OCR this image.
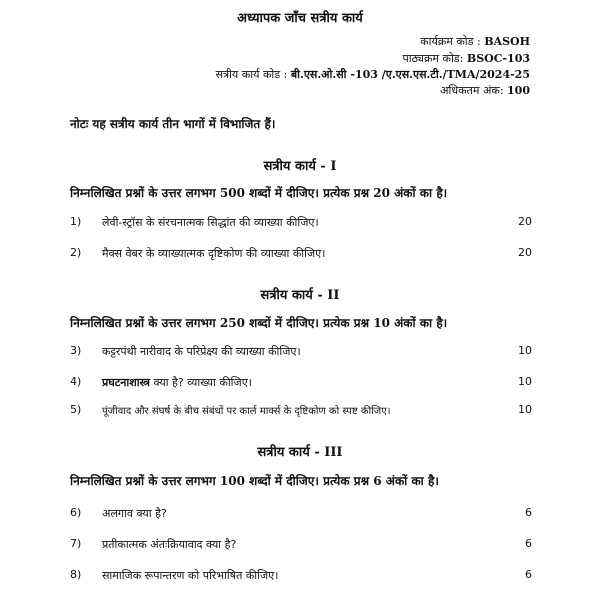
अध्यापक जाँच सत्रीय कार्य
कार्यक्रम कोड : BASOH
पाठ्यक्रम कोड: BSOC-103
सत्रीय कार्य कोड : बी.एस.ओ.सी -103 /ए.एस.एस.टी./TMA/2024-25
अधिकतम अंक: 100
नोटः यह सत्रीय कार्य तीन भागों में विभाजित हैं।
सत्रीय कार्य - I
निम्नलिखित प्रश्नों के उत्तर लगभग 500 शब्दों में दीजिए। प्रत्येक प्रश्न 20 अंकों का है।
1) लेवी-स्ट्रॉस के संरचनात्मक सिद्धांत की व्याख्या कीजिए।	20
2) मैक्स वेबर के व्याख्यात्मक दृष्टिकोण की व्याख्या कीजिए।	20
सत्रीय कार्य - II
निम्नलिखित प्रश्नों के उत्तर लगभग 250 शब्दों में दीजिए। प्रत्येक प्रश्न 10 अंकों का है।
3) कट्टरपंथी नारीवाद के परिप्रेक्ष्य की व्याख्या कीजिए।	10
4) प्रघटनाशास्त्र क्या है? व्याख्या कीजिए।	10
5) पूंजीवाद और संघर्ष के बीच संबंधों पर कार्ल मार्क्स के दृष्टिकोण को स्पष्ट कीजिए।	10
सत्रीय कार्य - III
निम्नलिखित प्रश्नों के उत्तर लगभग 100 शब्दों में दीजिए। प्रत्येक प्रश्न 6 अंकों का है।
6) अलगाव क्या है?	6
7) प्रतीकात्मक अंतःक्रियावाद क्या है?	6
8) सामाजिक रूपान्तरण को परिभाषित कीजिए।	6
